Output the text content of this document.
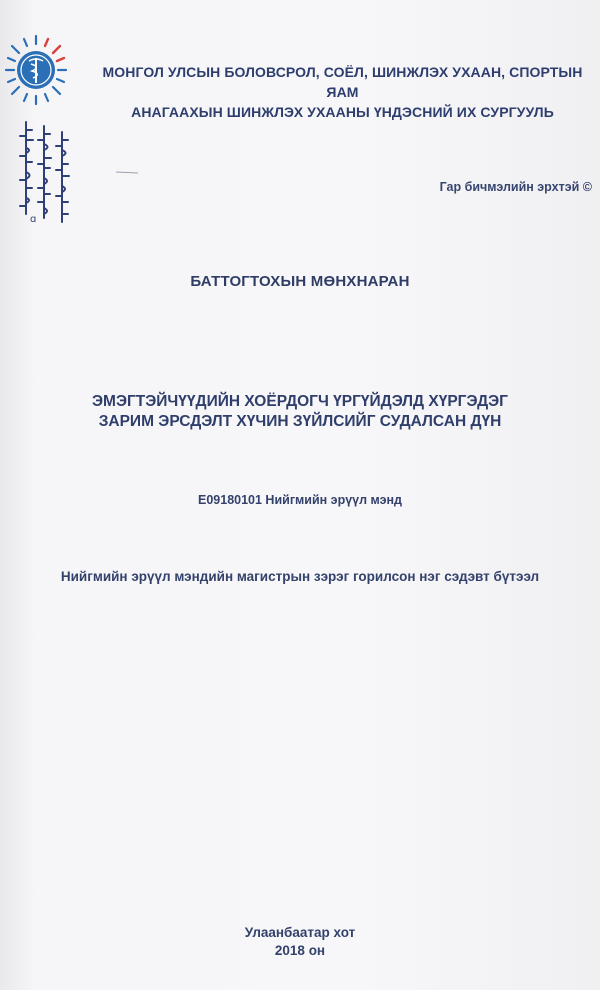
ɑ
МОНГОЛ УЛСЫН БОЛОВСРОЛ, СОЁЛ, ШИНЖЛЭХ УХААН, СПОРТЫН ЯАМ
АНАГААХЫН ШИНЖЛЭХ УХААНЫ ҮНДЭСНИЙ ИХ СУРГУУЛЬ
Гар бичмэлийн эрхтэй ©
БАТТОГТОХЫН МӨНХНАРАН
ЭМЭГТЭЙЧҮҮДИЙН ХОЁРДОГЧ ҮРГҮЙДЭЛД ХҮРГЭДЭГ
ЗАРИМ ЭРСДЭЛТ ХҮЧИН ЗҮЙЛСИЙГ СУДАЛСАН ДҮН
E09180101 Нийгмийн эрүүл мэнд
Нийгмийн эрүүл мэндийн магистрын зэрэг горилсон нэг сэдэвт бүтээл
Улаанбаатар хот
2018 он
